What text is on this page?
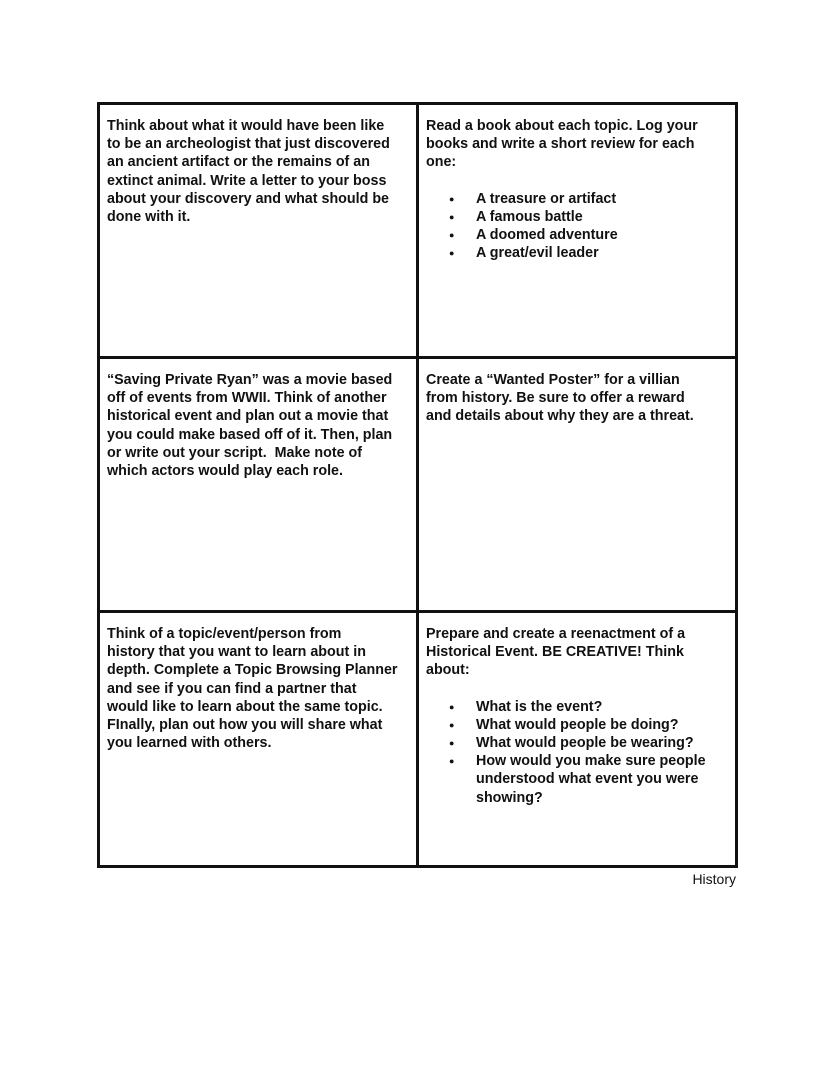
Think about what it would have been like
to be an archeologist that just discovered
an ancient artifact or the remains of an
extinct animal. Write a letter to your boss
about your discovery and what should be
done with it.
Read a book about each topic. Log your
books and write a short review for each
one:
● A treasure or artifact
● A famous battle
● A doomed adventure
● A great/evil leader
“Saving Private Ryan” was a movie based
off of events from WWII. Think of another
historical event and plan out a movie that
you could make based off of it. Then, plan
or write out your script.  Make note of
which actors would play each role.
Create a “Wanted Poster” for a villian
from history. Be sure to offer a reward
and details about why they are a threat.
Think of a topic/event/person from
history that you want to learn about in
depth. Complete a Topic Browsing Planner
and see if you can find a partner that
would like to learn about the same topic.
FInally, plan out how you will share what
you learned with others.
Prepare and create a reenactment of a
Historical Event. BE CREATIVE! Think
about:
● What is the event?
● What would people be doing?
● What would people be wearing?
● How would you make sure people
understood what event you were
showing?
History
